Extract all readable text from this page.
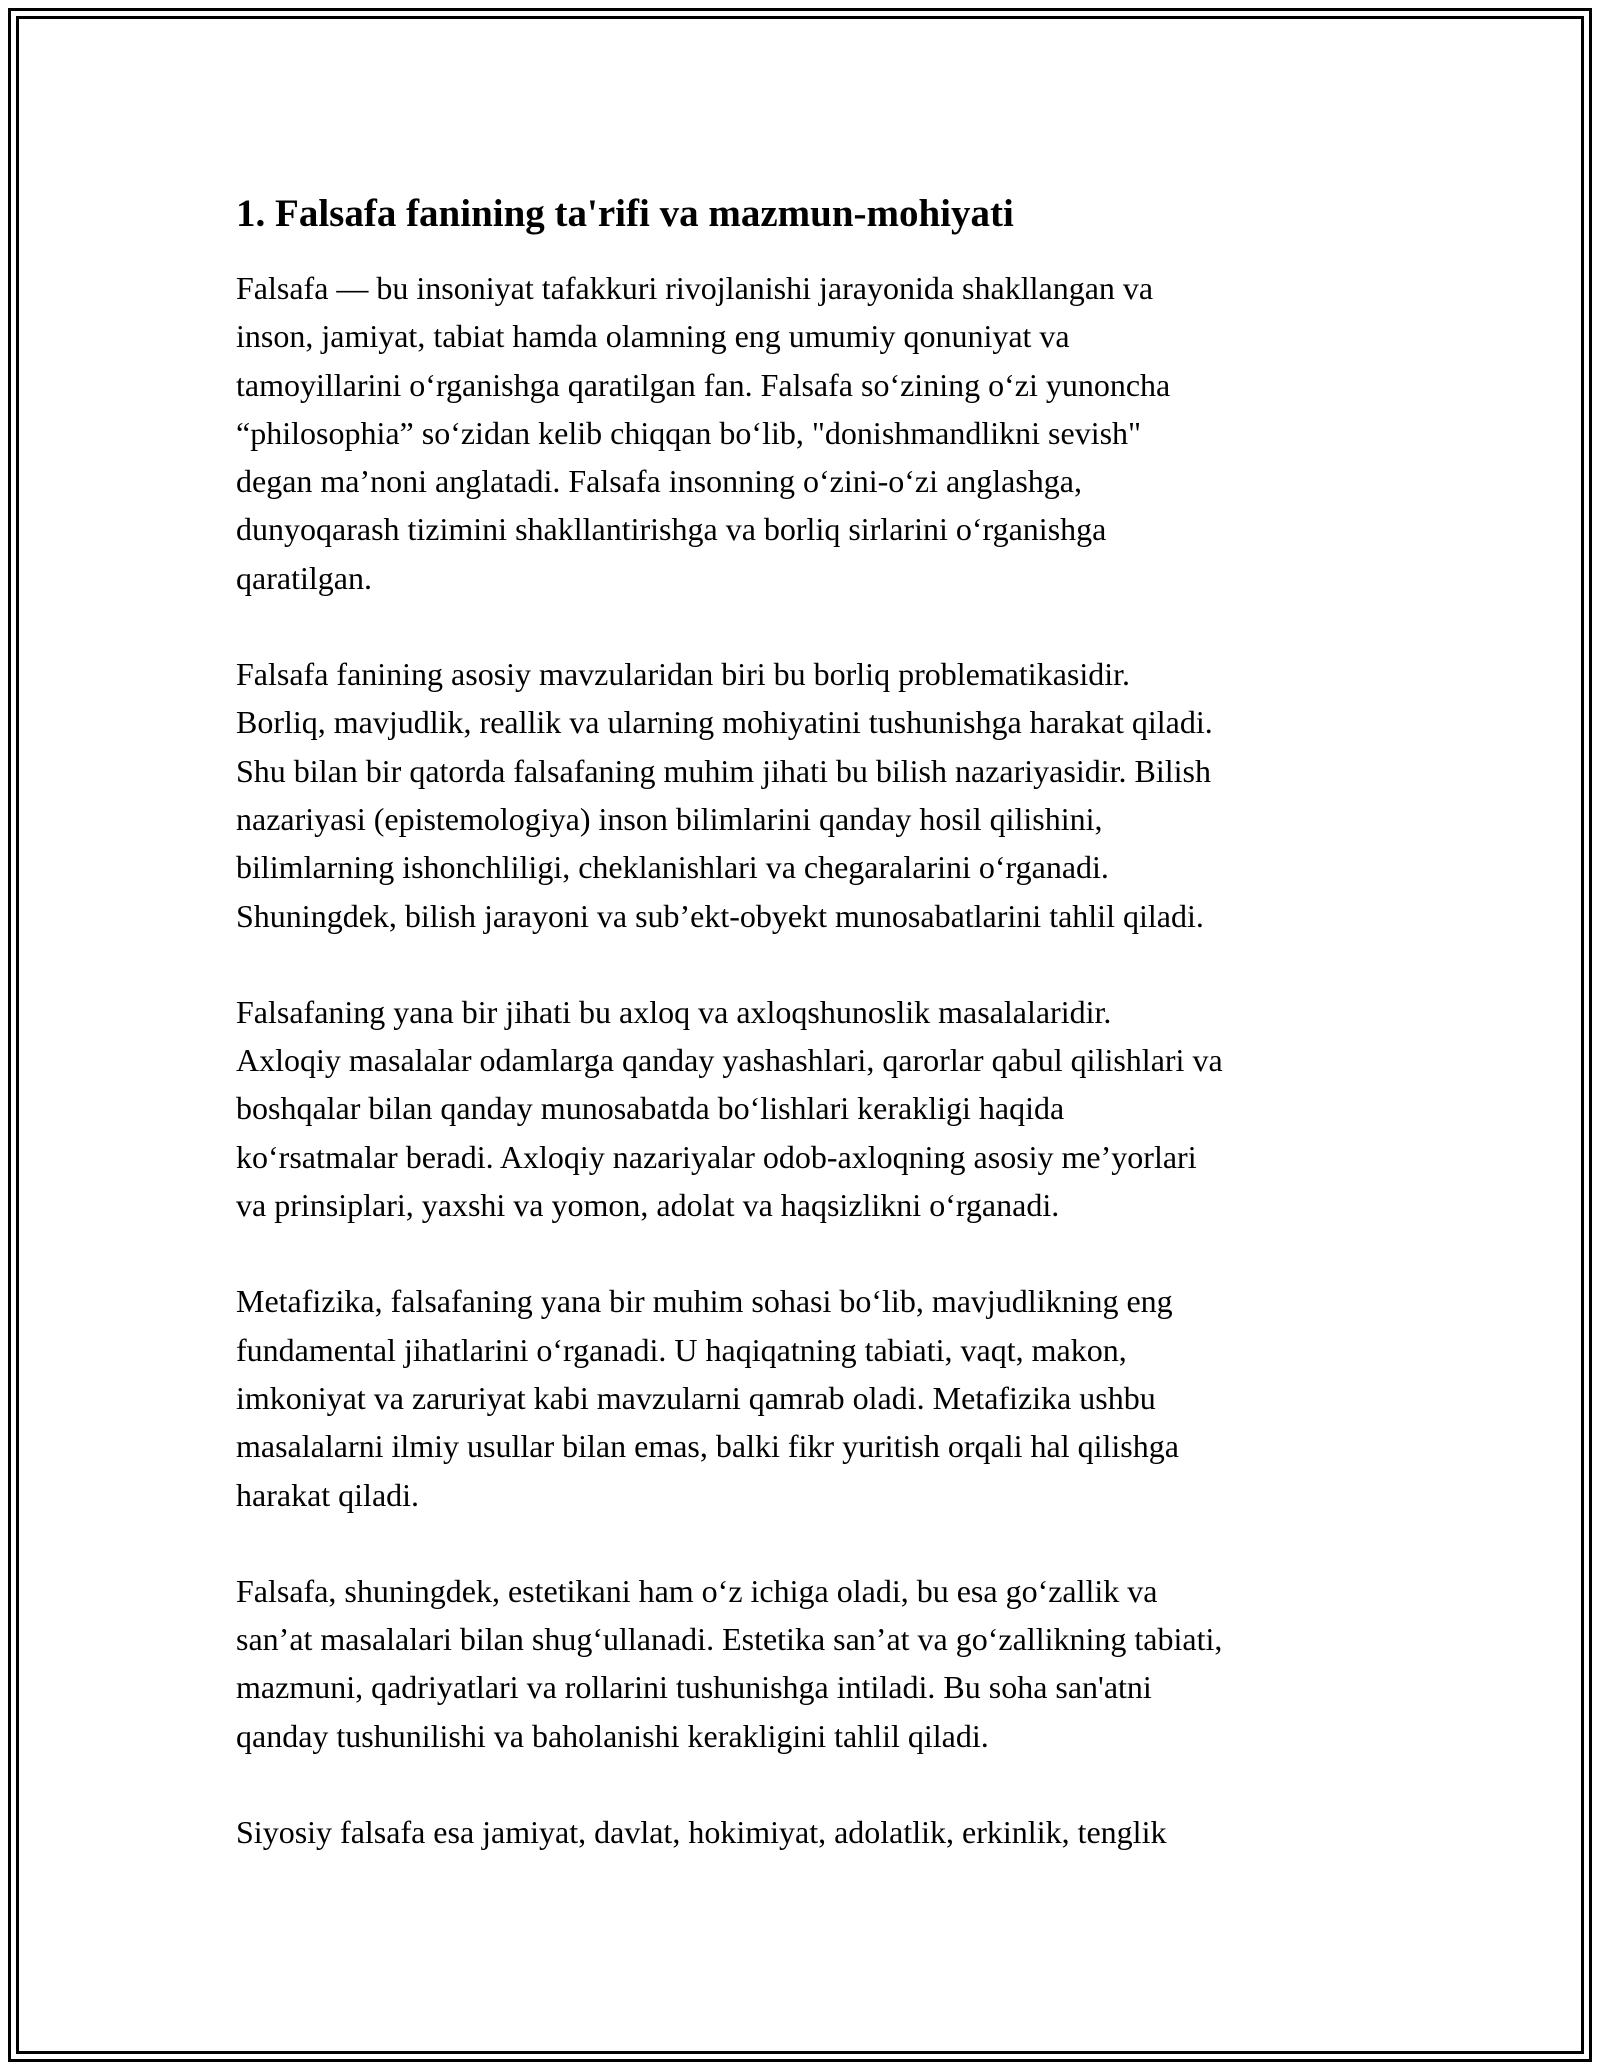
1. Falsafa fanining ta'rifi va mazmun-mohiyati

Falsafa — bu insoniyat tafakkuri rivojlanishi jarayonida shakllangan va
inson, jamiyat, tabiat hamda olamning eng umumiy qonuniyat va
tamoyillarini o‘rganishga qaratilgan fan. Falsafa so‘zining o‘zi yunoncha
“philosophia” so‘zidan kelib chiqqan bo‘lib, "donishmandlikni sevish"
degan ma’noni anglatadi. Falsafa insonning o‘zini-o‘zi anglashga,
dunyoqarash tizimini shakllantirishga va borliq sirlarini o‘rganishga
qaratilgan.

Falsafa fanining asosiy mavzularidan biri bu borliq problematikasidir.
Borliq, mavjudlik, reallik va ularning mohiyatini tushunishga harakat qiladi.
Shu bilan bir qatorda falsafaning muhim jihati bu bilish nazariyasidir. Bilish
nazariyasi (epistemologiya) inson bilimlarini qanday hosil qilishini,
bilimlarning ishonchliligi, cheklanishlari va chegaralarini o‘rganadi.
Shuningdek, bilish jarayoni va sub’ekt-obyekt munosabatlarini tahlil qiladi.

Falsafaning yana bir jihati bu axloq va axloqshunoslik masalalaridir.
Axloqiy masalalar odamlarga qanday yashashlari, qarorlar qabul qilishlari va
boshqalar bilan qanday munosabatda bo‘lishlari kerakligi haqida
ko‘rsatmalar beradi. Axloqiy nazariyalar odob-axloqning asosiy me’yorlari
va prinsiplari, yaxshi va yomon, adolat va haqsizlikni o‘rganadi.

Metafizika, falsafaning yana bir muhim sohasi bo‘lib, mavjudlikning eng
fundamental jihatlarini o‘rganadi. U haqiqatning tabiati, vaqt, makon,
imkoniyat va zaruriyat kabi mavzularni qamrab oladi. Metafizika ushbu
masalalarni ilmiy usullar bilan emas, balki fikr yuritish orqali hal qilishga
harakat qiladi.

Falsafa, shuningdek, estetikani ham o‘z ichiga oladi, bu esa go‘zallik va
san’at masalalari bilan shug‘ullanadi. Estetika san’at va go‘zallikning tabiati,
mazmuni, qadriyatlari va rollarini tushunishga intiladi. Bu soha san'atni
qanday tushunilishi va baholanishi kerakligini tahlil qiladi.

Siyosiy falsafa esa jamiyat, davlat, hokimiyat, adolatlik, erkinlik, tenglik
